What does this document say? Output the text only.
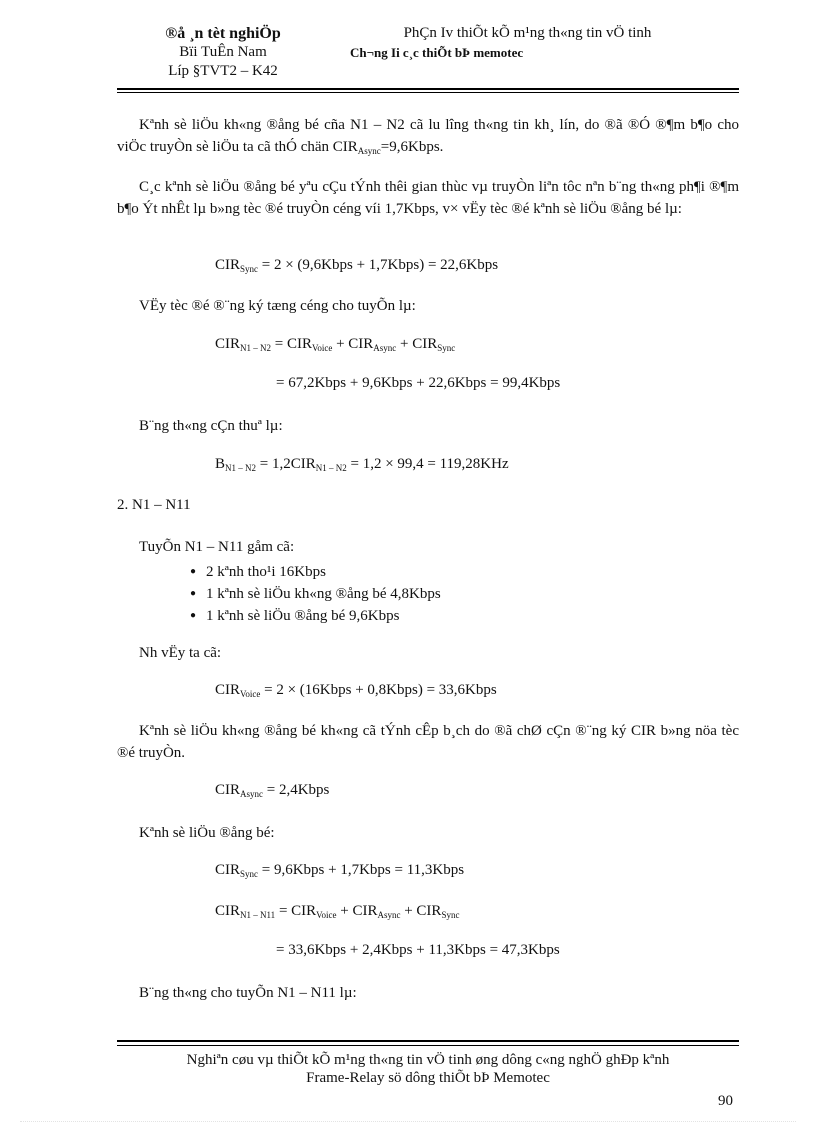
®å ¸n tèt nghiÖp
Bïi TuÊn Nam
Líp §TVT2 – K42
PhÇn Iv thiÕt kÕ m¹ng th«ng tin vÖ tinh
Ch¬ng Ii c¸c thiÕt bÞ memotec
Kªnh sè liÖu kh«ng ®ång bé cña N1 – N2 cã lu lîng th«ng tin kh¸ lín, do ®ã ®Ó ®¶m b¶o cho viÖc truyÒn sè liÖu ta cã thÓ chän $CIR_{Async}=9,6Kbps$.
C¸c kªnh sè liÖu ®ång bé yªu cÇu tÝnh thêi gian thùc vµ truyÒn liªn tôc nªn b¨ng th«ng ph¶i ®¶m b¶o Ýt nhÊt lµ b»ng tèc ®é truyÒn céng víi 1,7Kbps, v× vËy tèc ®é kªnh sè liÖu ®ång bé lµ:
$CIR_{Sync} = 2$ × (9,6Kbps + 1,7Kbps) = 22,6Kbps
VËy tèc ®é ®¨ng ký tæng céng cho tuyÕn lµ:
$CIR_{N1 - N2} = CIR_{Voice} + CIR_{Async} + CIR_{Sync}$
= 67,2Kbps + 9,6Kbps + 22,6Kbps = 99,4Kbps
B¨ng th«ng cÇn thuª lµ:
$B_{N1 - N2} = 1,2CIR_{N1 - N2} = 1,2 \times 99,4 = 119,28KHz$
2. N1 – N11
TuyÕn N1 – N11 gåm cã:
● 2 kªnh tho¹i 16Kbps
● 1 kªnh sè liÖu kh«ng ®ång bé 4,8Kbps
● 1 kªnh sè liÖu ®ång bé 9,6Kbps
Nh vËy ta cã:
$CIR_{Voice} = 2$ × (16Kbps + 0,8Kbps) = 33,6Kbps
Kªnh sè liÖu kh«ng ®ång bé kh«ng cã tÝnh cÊp b¸ch do ®ã chØ cÇn ®¨ng ký CIR b»ng nöa tèc ®é truyÒn.
$CIR_{Async}$ = 2,4Kbps
Kªnh sè liÖu ®ång bé:
$CIR_{Sync}$ = 9,6Kbps + 1,7Kbps = 11,3Kbps
$CIR_{N1 - N11} = CIR_{Voice} + CIR_{Async} + CIR_{Sync}$
= 33,6Kbps + 2,4Kbps + 11,3Kbps = 47,3Kbps
B¨ng th«ng cho tuyÕn N1 – N11 lµ:
Nghiªn cøu vµ thiÕt kÕ m¹ng th«ng tin vÖ tinh øng dông c«ng nghÖ ghÐp kªnh
Frame-Relay sö dông thiÕt bÞ Memotec
90
